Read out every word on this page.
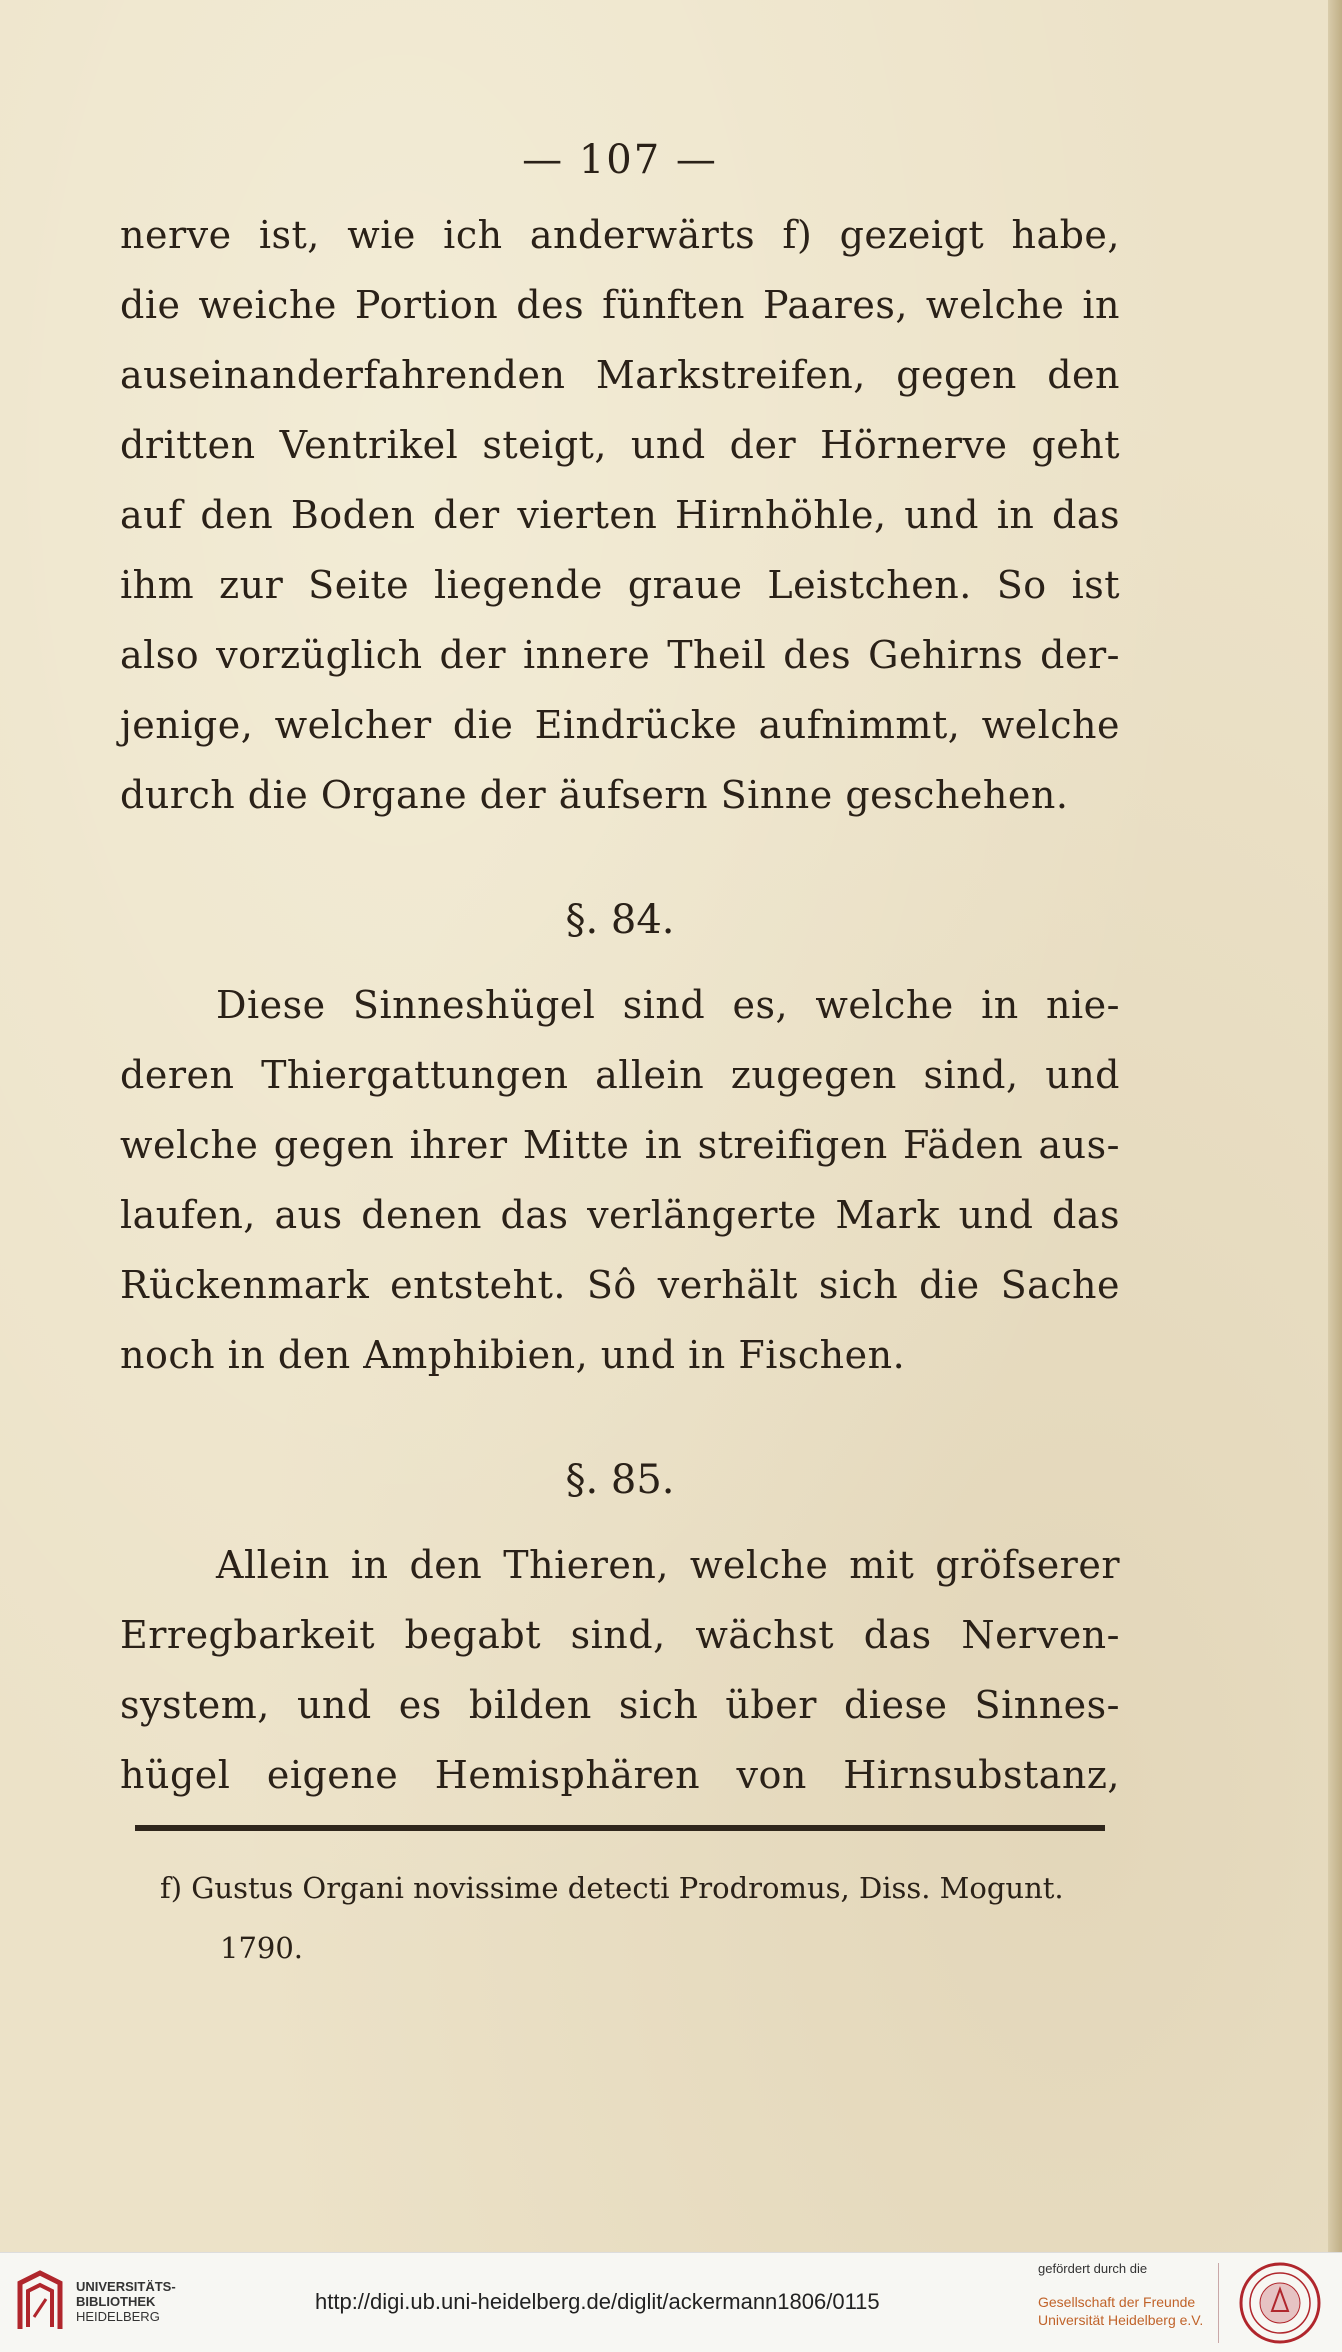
— 107 —
nerve ist, wie ich anderwärts f) gezeigt habe,
die weiche Portion des fünften Paares, welche in
auseinanderfahrenden Markstreifen, gegen den
dritten Ventrikel steigt, und der Hörnerve geht
auf den Boden der vierten Hirnhöhle, und in das
ihm zur Seite liegende graue Leistchen. So ist
also vorzüglich der innere Theil des Gehirns der-
jenige, welcher die Eindrücke aufnimmt, welche
durch die Organe der äufsern Sinne geschehen.
§. 84.
Diese Sinneshügel sind es, welche in nie-
deren Thiergattungen allein zugegen sind, und
welche gegen ihrer Mitte in streifigen Fäden aus-
laufen, aus denen das verlängerte Mark und das
Rückenmark entsteht. Sô verhält sich die Sache
noch in den Amphibien, und in Fischen.
§. 85.
Allein in den Thieren, welche mit gröfserer
Erregbarkeit begabt sind, wächst das Nerven-
system, und es bilden sich über diese Sinnes-
hügel eigene Hemisphären von Hirnsubstanz,
f) Gustus Organi novissime detecti Prodromus, Diss. Mogunt.
1790.
UNIVERSITÄTS-
BIBLIOTHEK
HEIDELBERG
http://digi.ub.uni-heidelberg.de/diglit/ackermann1806/0115
gefördert durch die
Gesellschaft der Freunde
Universität Heidelberg e.V.
